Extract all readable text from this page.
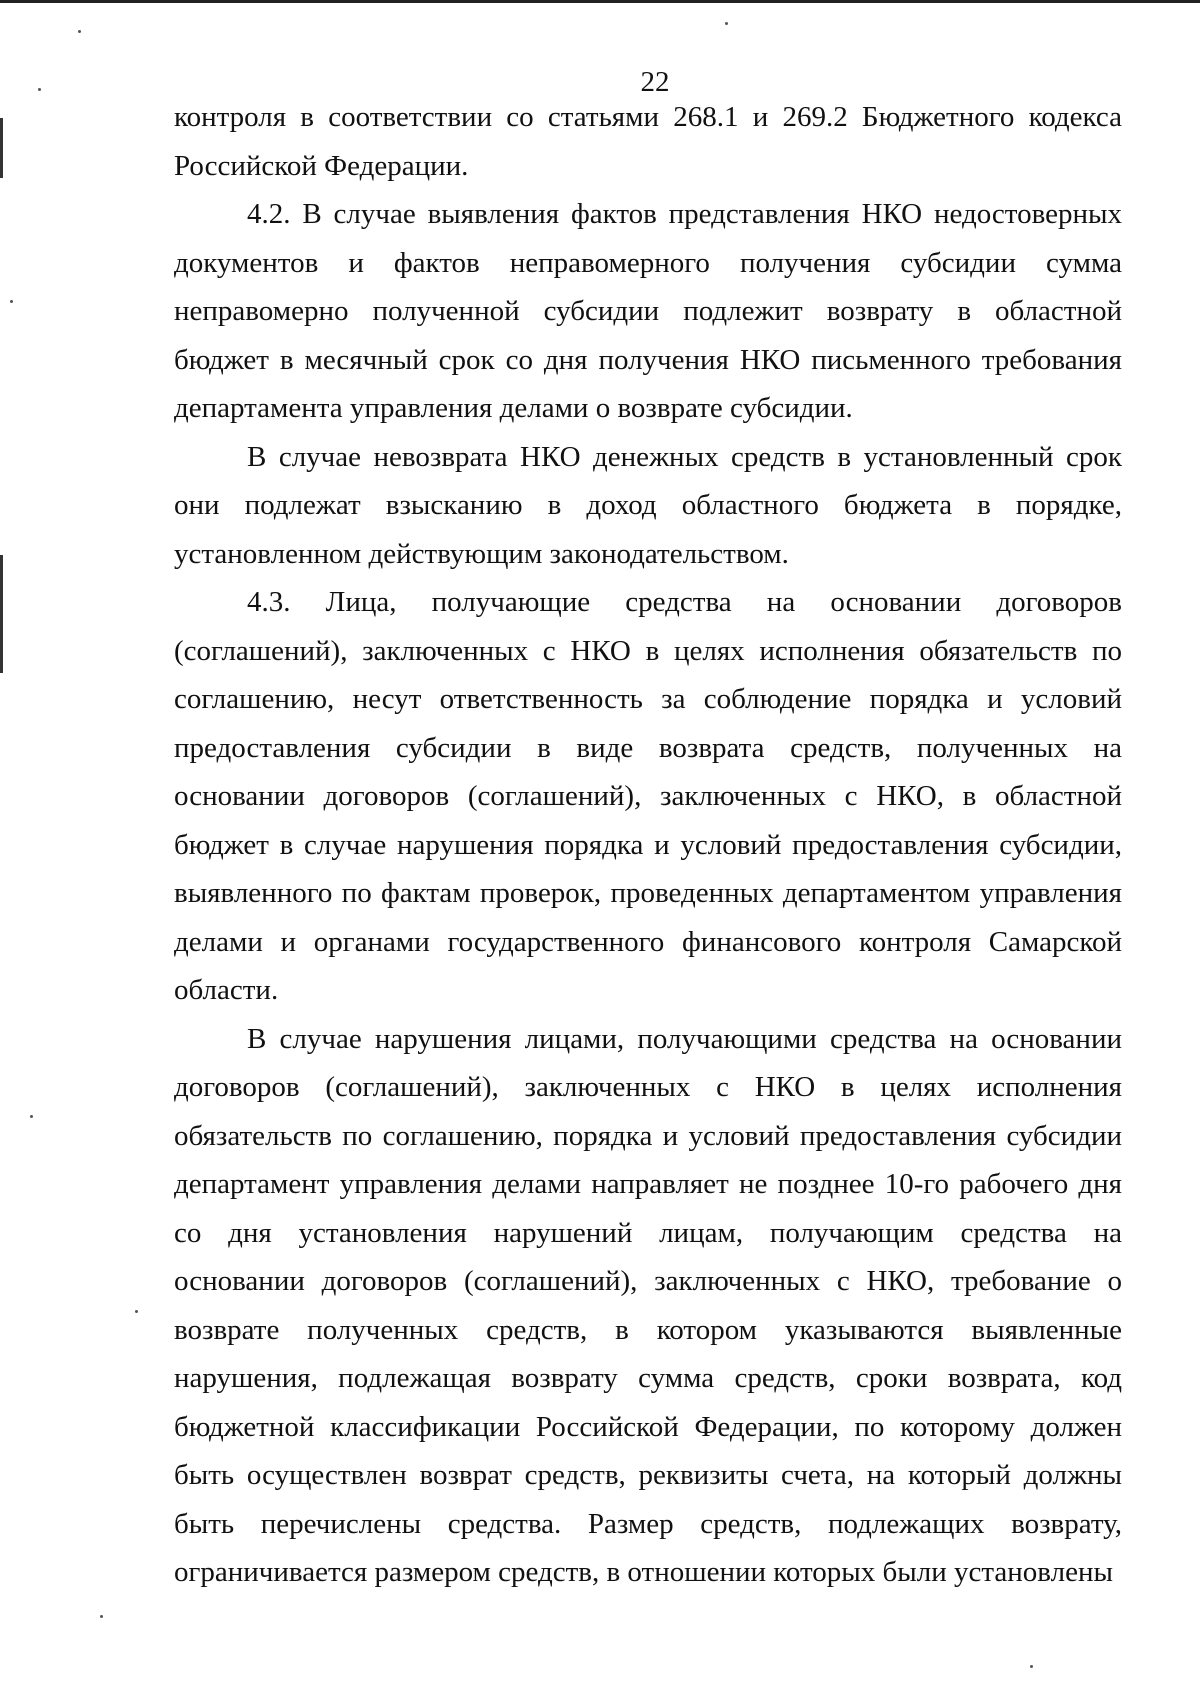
22

контроля в соответствии со статьями 268.1 и 269.2 Бюджетного кодекса Российской Федерации.

4.2. В случае выявления фактов представления НКО недостоверных документов и фактов неправомерного получения субсидии сумма неправомерно полученной субсидии подлежит возврату в областной бюджет в месячный срок со дня получения НКО письменного требования департамента управления делами о возврате субсидии.

В случае невозврата НКО денежных средств в установленный срок они подлежат взысканию в доход областного бюджета в порядке, установленном действующим законодательством.

4.3. Лица, получающие средства на основании договоров (соглашений), заключенных с НКО в целях исполнения обязательств по соглашению, несут ответственность за соблюдение порядка и условий предоставления субсидии в виде возврата средств, полученных на основании договоров (соглашений), заключенных с НКО, в областной бюджет в случае нарушения порядка и условий предоставления субсидии, выявленного по фактам проверок, проведенных департаментом управления делами и органами государственного финансового контроля Самарской области.

В случае нарушения лицами, получающими средства на основании договоров (соглашений), заключенных с НКО в целях исполнения обязательств по соглашению, порядка и условий предоставления субсидии департамент управления делами направляет не позднее 10-го рабочего дня со дня установления нарушений лицам, получающим средства на основании договоров (соглашений), заключенных с НКО, требование о возврате полученных средств, в котором указываются выявленные нарушения, подлежащая возврату сумма средств, сроки возврата, код бюджетной классификации Российской Федерации, по которому должен быть осуществлен возврат средств, реквизиты счета, на который должны быть перечислены средства. Размер средств, подлежащих возврату, ограничивается размером средств, в отношении которых были установлены
